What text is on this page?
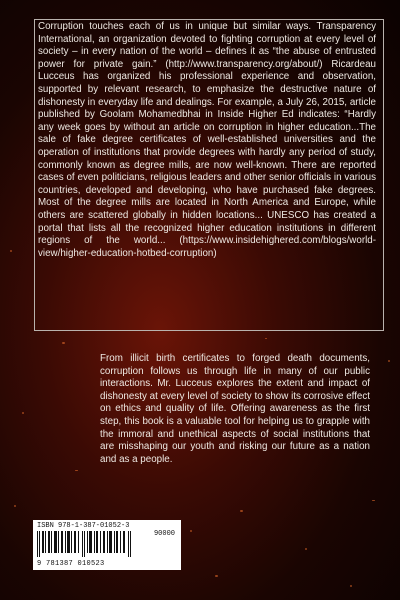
Corruption touches each of us in unique but similar ways. Transparency International, an organization devoted to fighting corruption at every level of society – in every nation of the world – defines it as “the abuse of entrusted power for private gain.” (http://www.transparency.org/about/) Ricardeau Lucceus has organized his professional experience and observation, supported by relevant research, to emphasize the destructive nature of dishonesty in everyday life and dealings. For example, a July 26, 2015, article published by Goolam Mohamedbhai in Inside Higher Ed indicates: “Hardly any week goes by without an article on corruption in higher education...The sale of fake degree certificates of well-established universities and the operation of institutions that provide degrees with hardly any period of study, commonly known as degree mills, are now well-known. There are reported cases of even politicians, religious leaders and other senior officials in various countries, developed and developing, who have purchased fake degrees. Most of the degree mills are located in North America and Europe, while others are scattered globally in hidden locations... UNESCO has created a portal that lists all the recognized higher education institutions in different regions of the world... (https://www.insidehighered.com/blogs/world-view/higher-education-hotbed-corruption)

From illicit birth certificates to forged death documents, corruption follows us through life in many of our public interactions. Mr. Lucceus explores the extent and impact of dishonesty at every level of society to show its corrosive effect on ethics and quality of life. Offering awareness as the first step, this book is a valuable tool for helping us to grapple with the immoral and unethical aspects of social institutions that are misshaping our youth and risking our future as a nation and as a people.

ISBN 978-1-387-01052-3
90000
9 781387 010523
